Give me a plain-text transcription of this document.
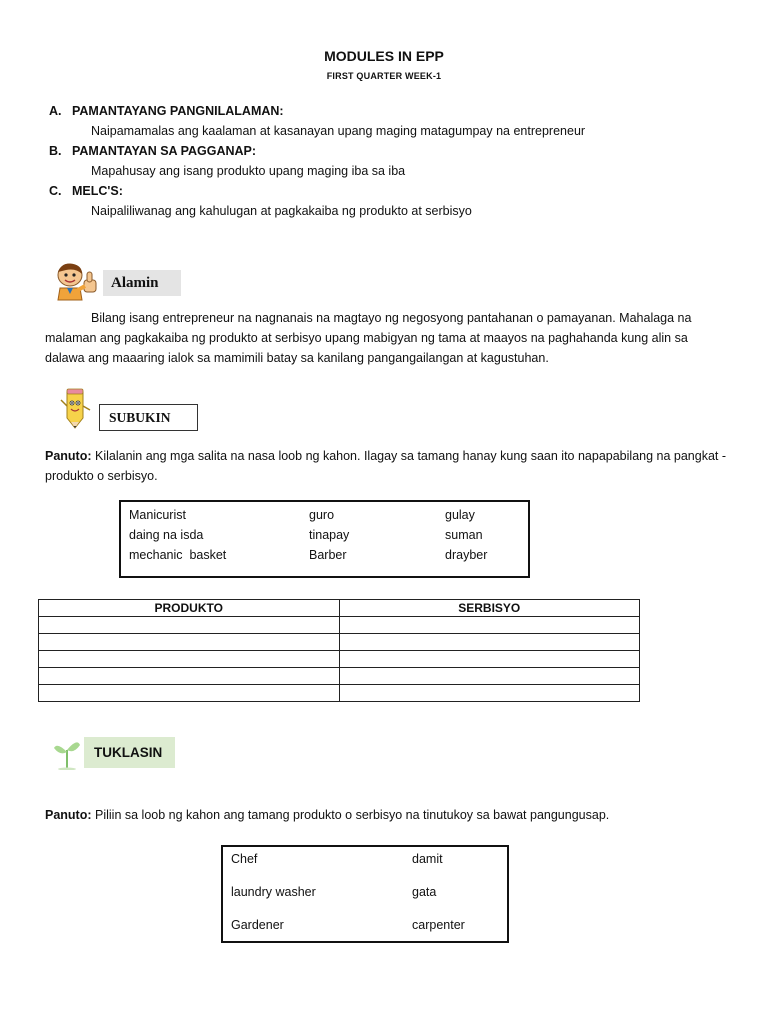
MODULES IN EPP
FIRST QUARTER WEEK-1
A. PAMANTAYANG PANGNILALAMAN:
Naipamamalas ang kaalaman at kasanayan upang maging matagumpay na entrepreneur
B. PAMANTAYAN SA PAGGANAP:
Mapahusay ang isang produkto upang maging iba sa iba
C. MELC'S:
Naipaliliwanag ang kahulugan at pagkakaiba ng produkto at serbisyo
Alamin
Bilang isang entrepreneur na nagnanais na magtayo ng negosyong pantahanan o pamayanan. Mahalaga na
malaman ang pagkakaiba ng produkto at serbisyo upang mabigyan ng tama at maayos na paghahanda kung alin sa
dalawa ang maaaring ialok sa mamimili batay sa kanilang pangangailangan at kagustuhan.
SUBUKIN
Panuto: Kilalanin ang mga salita na nasa loob ng kahon. Ilagay sa tamang hanay kung saan ito napapabilang na pangkat -
produkto o serbisyo.
Manicurist	guro	gulay
daing na isda	tinapay	suman
mechanic  basket	Barber	drayber
PRODUKTO	SERBISYO

TUKLASIN
Panuto: Piliin sa loob ng kahon ang tamang produkto o serbisyo na tinutukoy sa bawat pangungusap.
Chef	damit
laundry washer	gata
Gardener	carpenter
